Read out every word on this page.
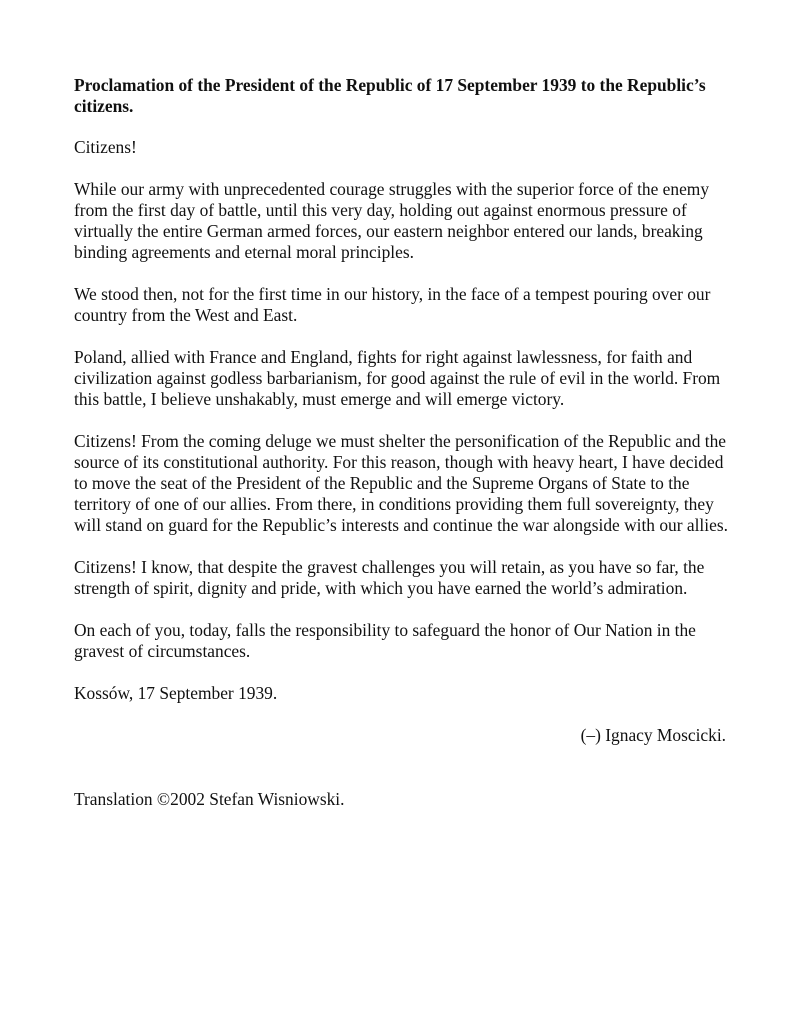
Proclamation of the President of the Republic of 17 September 1939 to the Republic’s citizens.

Citizens!

While our army with unprecedented courage struggles with the superior force of the enemy from the first day of battle, until this very day, holding out against enormous pressure of virtually the entire German armed forces, our eastern neighbor entered our lands, breaking binding agreements and eternal moral principles.

We stood then, not for the first time in our history, in the face of a tempest pouring over our country from the West and East.

Poland, allied with France and England, fights for right against lawlessness, for faith and civilization against godless barbarianism, for good against the rule of evil in the world. From this battle, I believe unshakably, must emerge and will emerge victory.

Citizens! From the coming deluge we must shelter the personification of the Republic and the source of its constitutional authority. For this reason, though with heavy heart, I have decided to move the seat of the President of the Republic and the Supreme Organs of State to the territory of one of our allies. From there, in conditions providing them full sovereignty, they will stand on guard for the Republic’s interests and continue the war alongside with our allies.

Citizens! I know, that despite the gravest challenges you will retain, as you have so far, the strength of spirit, dignity and pride, with which you have earned the world’s admiration.

On each of you, today, falls the responsibility to safeguard the honor of Our Nation in the gravest of circumstances.

Kossów, 17 September 1939.

(–) Ignacy Moscicki.

Translation ©2002 Stefan Wisniowski.
